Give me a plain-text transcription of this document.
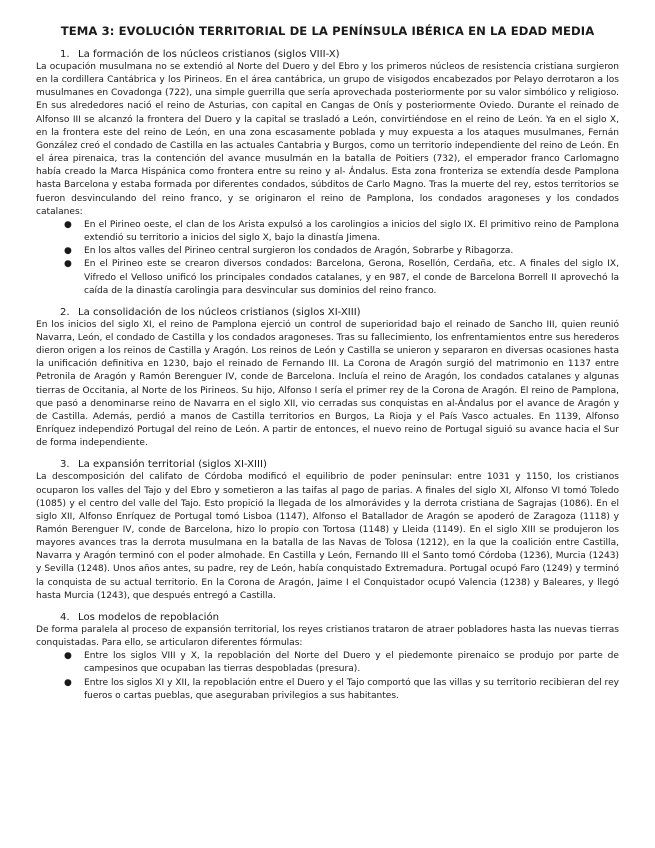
TEMA 3: EVOLUCIÓN TERRITORIAL DE LA PENÍNSULA IBÉRICA EN LA EDAD MEDIA
1. La formación de los núcleos cristianos (siglos VIII-X)

La ocupación musulmana no se extendió al Norte del Duero y del Ebro y los primeros núcleos de resistencia cristiana surgieron en la cordillera Cantábrica y los Pirineos. En el área cantábrica, un grupo de visigodos encabezados por Pelayo derrotaron a los musulmanes en Covadonga (722), una simple guerrilla que sería aprovechada posteriormente por su valor simbólico y religioso. En sus alrededores nació el reino de Asturias, con capital en Cangas de Onís y posteriormente Oviedo. Durante el reinado de Alfonso III se alcanzó la frontera del Duero y la capital se trasladó a León, convirtiéndose en el reino de León. Ya en el siglo X, en la frontera este del reino de León, en una zona escasamente poblada y muy expuesta a los ataques musulmanes, Fernán González creó el condado de Castilla en las actuales Cantabria y Burgos, como un territorio independiente del reino de León. En el área pirenaica, tras la contención del avance musulmán en la batalla de Poitiers (732), el emperador franco Carlomagno había creado la Marca Hispánica como frontera entre su reino y al- Ándalus. Esta zona fronteriza se extendía desde Pamplona hasta Barcelona y estaba formada por diferentes condados, súbditos de Carlo Magno. Tras la muerte del rey, estos territorios se fueron desvinculando del reino franco, y se originaron el reino de Pamplona, los condados aragoneses y los condados catalanes:

● En el Pirineo oeste, el clan de los Arista expulsó a los carolingios a inicios del siglo IX. El primitivo reino de Pamplona extendió su territorio a inicios del siglo X, bajo la dinastía Jimena.
● En los altos valles del Pirineo central surgieron los condados de Aragón, Sobrarbe y Ribagorza.
● En el Pirineo este se crearon diversos condados: Barcelona, Gerona, Rosellón, Cerdaña, etc. A finales del siglo IX, Vifredo el Velloso unificó los principales condados catalanes, y en 987, el conde de Barcelona Borrell II aprovechó la caída de la dinastía carolingia para desvincular sus dominios del reino franco.
2. La consolidación de los núcleos cristianos (siglos XI-XIII)

En los inicios del siglo XI, el reino de Pamplona ejerció un control de superioridad bajo el reinado de Sancho III, quien reunió Navarra, León, el condado de Castilla y los condados aragoneses. Tras su fallecimiento, los enfrentamientos entre sus herederos dieron origen a los reinos de Castilla y Aragón. Los reinos de León y Castilla se unieron y separaron en diversas ocasiones hasta la unificación definitiva en 1230, bajo el reinado de Fernando III. La Corona de Aragón surgió del matrimonio en 1137 entre Petronila de Aragón y Ramón Berenguer IV, conde de Barcelona. Incluía el reino de Aragón, los condados catalanes y algunas tierras de Occitania, al Norte de los Pirineos. Su hijo, Alfonso I sería el primer rey de la Corona de Aragón. El reino de Pamplona, que pasó a denominarse reino de Navarra en el siglo XII, vio cerradas sus conquistas en al-Ándalus por el avance de Aragón y de Castilla. Además, perdió a manos de Castilla territorios en Burgos, La Rioja y el País Vasco actuales. En 1139, Alfonso Enríquez independizó Portugal del reino de León. A partir de entonces, el nuevo reino de Portugal siguió su avance hacia el Sur de forma independiente.

3. La expansión territorial (siglos XI-XIII)

La descomposición del califato de Córdoba modificó el equilibrio de poder peninsular: entre 1031 y 1150, los cristianos ocuparon los valles del Tajo y del Ebro y sometieron a las taifas al pago de parias. A finales del siglo XI, Alfonso VI tomó Toledo (1085) y el centro del valle del Tajo. Esto propició la llegada de los almorávides y la derrota cristiana de Sagrajas (1086). En el siglo XII, Alfonso Enríquez de Portugal tomó Lisboa (1147), Alfonso el Batallador de Aragón se apoderó de Zaragoza (1118) y Ramón Berenguer IV, conde de Barcelona, hizo lo propio con Tortosa (1148) y Lleida (1149). En el siglo XIII se produjeron los mayores avances tras la derrota musulmana en la batalla de las Navas de Tolosa (1212), en la que la coalición entre Castilla, Navarra y Aragón terminó con el poder almohade. En Castilla y León, Fernando III el Santo tomó Córdoba (1236), Murcia (1243) y Sevilla (1248). Unos años antes, su padre, rey de León, había conquistado Extremadura. Portugal ocupó Faro (1249) y terminó la conquista de su actual territorio. En la Corona de Aragón, Jaime I el Conquistador ocupó Valencia (1238) y Baleares, y llegó hasta Murcia (1243), que después entregó a Castilla.

4. Los modelos de repoblación

De forma paralela al proceso de expansión territorial, los reyes cristianos trataron de atraer pobladores hasta las nuevas tierras conquistadas. Para ello, se articularon diferentes fórmulas:

● Entre los siglos VIII y X, la repoblación del Norte del Duero y el piedemonte pirenaico se produjo por parte de campesinos que ocupaban las tierras despobladas (presura).
● Entre los siglos XI y XII, la repoblación entre el Duero y el Tajo comportó que las villas y su territorio recibieran del rey fueros o cartas pueblas, que aseguraban privilegios a sus habitantes.
